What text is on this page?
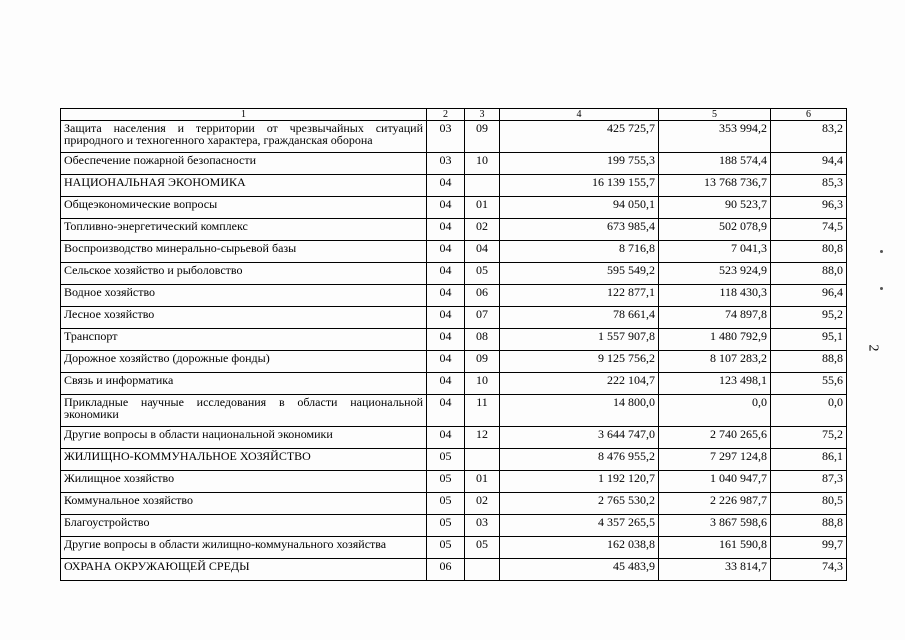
1	2	3	4	5	6
Защита населения и территории от чрезвычайных ситуаций природного и техногенного характера, гражданская оборона	03	09	425 725,7	353 994,2	83,2
Обеспечение пожарной безопасности	03	10	199 755,3	188 574,4	94,4
НАЦИОНАЛЬНАЯ ЭКОНОМИКА	04		16 139 155,7	13 768 736,7	85,3
Общеэкономические вопросы	04	01	94 050,1	90 523,7	96,3
Топливно-энергетический комплекс	04	02	673 985,4	502 078,9	74,5
Воспроизводство минерально-сырьевой базы	04	04	8 716,8	7 041,3	80,8
Сельское хозяйство и рыболовство	04	05	595 549,2	523 924,9	88,0
Водное хозяйство	04	06	122 877,1	118 430,3	96,4
Лесное хозяйство	04	07	78 661,4	74 897,8	95,2
Транспорт	04	08	1 557 907,8	1 480 792,9	95,1
Дорожное хозяйство (дорожные фонды)	04	09	9 125 756,2	8 107 283,2	88,8
Связь и информатика	04	10	222 104,7	123 498,1	55,6
Прикладные научные исследования в области национальной экономики	04	11	14 800,0	0,0	0,0
Другие вопросы в области национальной экономики	04	12	3 644 747,0	2 740 265,6	75,2
ЖИЛИЩНО-КОММУНАЛЬНОЕ ХОЗЯЙСТВО	05		8 476 955,2	7 297 124,8	86,1
Жилищное хозяйство	05	01	1 192 120,7	1 040 947,7	87,3
Коммунальное хозяйство	05	02	2 765 530,2	2 226 987,7	80,5
Благоустройство	05	03	4 357 265,5	3 867 598,6	88,8
Другие вопросы в области жилищно-коммунального хозяйства	05	05	162 038,8	161 590,8	99,7
ОХРАНА ОКРУЖАЮЩЕЙ СРЕДЫ	06		45 483,9	33 814,7	74,3
2
